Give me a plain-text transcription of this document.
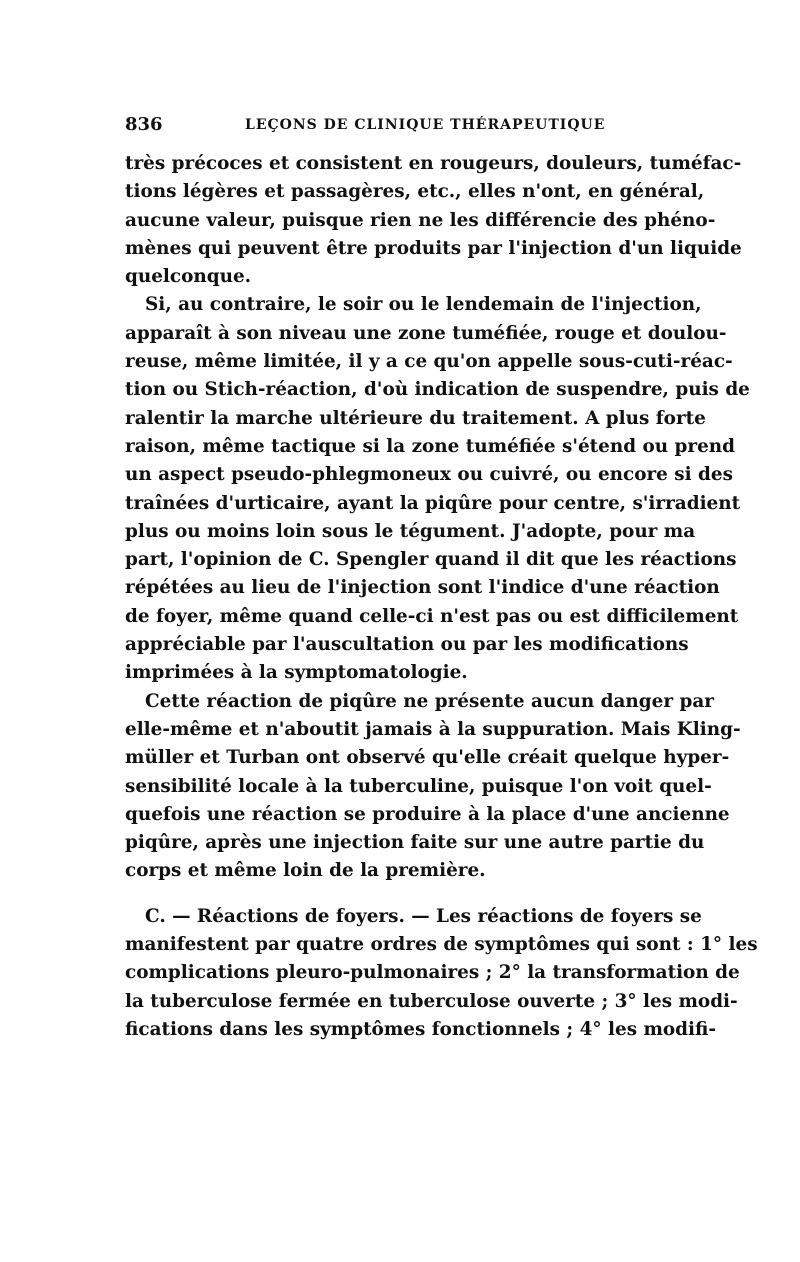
836	LEÇONS DE CLINIQUE THÉRAPEUTIQUE
très précoces et consistent en rougeurs, douleurs, tuméfac-
tions légères et passagères, etc., elles n'ont, en général,
aucune valeur, puisque rien ne les différencie des phéno-
mènes qui peuvent être produits par l'injection d'un liquide
quelconque.
Si, au contraire, le soir ou le lendemain de l'injection,
apparaît à son niveau une zone tuméfiée, rouge et doulou-
reuse, même limitée, il y a ce qu'on appelle sous-cuti-réac-
tion ou Stich-réaction, d'où indication de suspendre, puis de
ralentir la marche ultérieure du traitement. A plus forte
raison, même tactique si la zone tuméfiée s'étend ou prend
un aspect pseudo-phlegmoneux ou cuivré, ou encore si des
traînées d'urticaire, ayant la piqûre pour centre, s'irradient
plus ou moins loin sous le tégument. J'adopte, pour ma
part, l'opinion de C. Spengler quand il dit que les réactions
répétées au lieu de l'injection sont l'indice d'une réaction
de foyer, même quand celle-ci n'est pas ou est difficilement
appréciable par l'auscultation ou par les modifications
imprimées à la symptomatologie.
Cette réaction de piqûre ne présente aucun danger par
elle-même et n'aboutit jamais à la suppuration. Mais Kling-
müller et Turban ont observé qu'elle créait quelque hyper-
sensibilité locale à la tuberculine, puisque l'on voit quel-
quefois une réaction se produire à la place d'une ancienne
piqûre, après une injection faite sur une autre partie du
corps et même loin de la première.
C. — Réactions de foyers. — Les réactions de foyers se
manifestent par quatre ordres de symptômes qui sont : 1° les
complications pleuro-pulmonaires ; 2° la transformation de
la tuberculose fermée en tuberculose ouverte ; 3° les modi-
fications dans les symptômes fonctionnels ; 4° les modifi-
